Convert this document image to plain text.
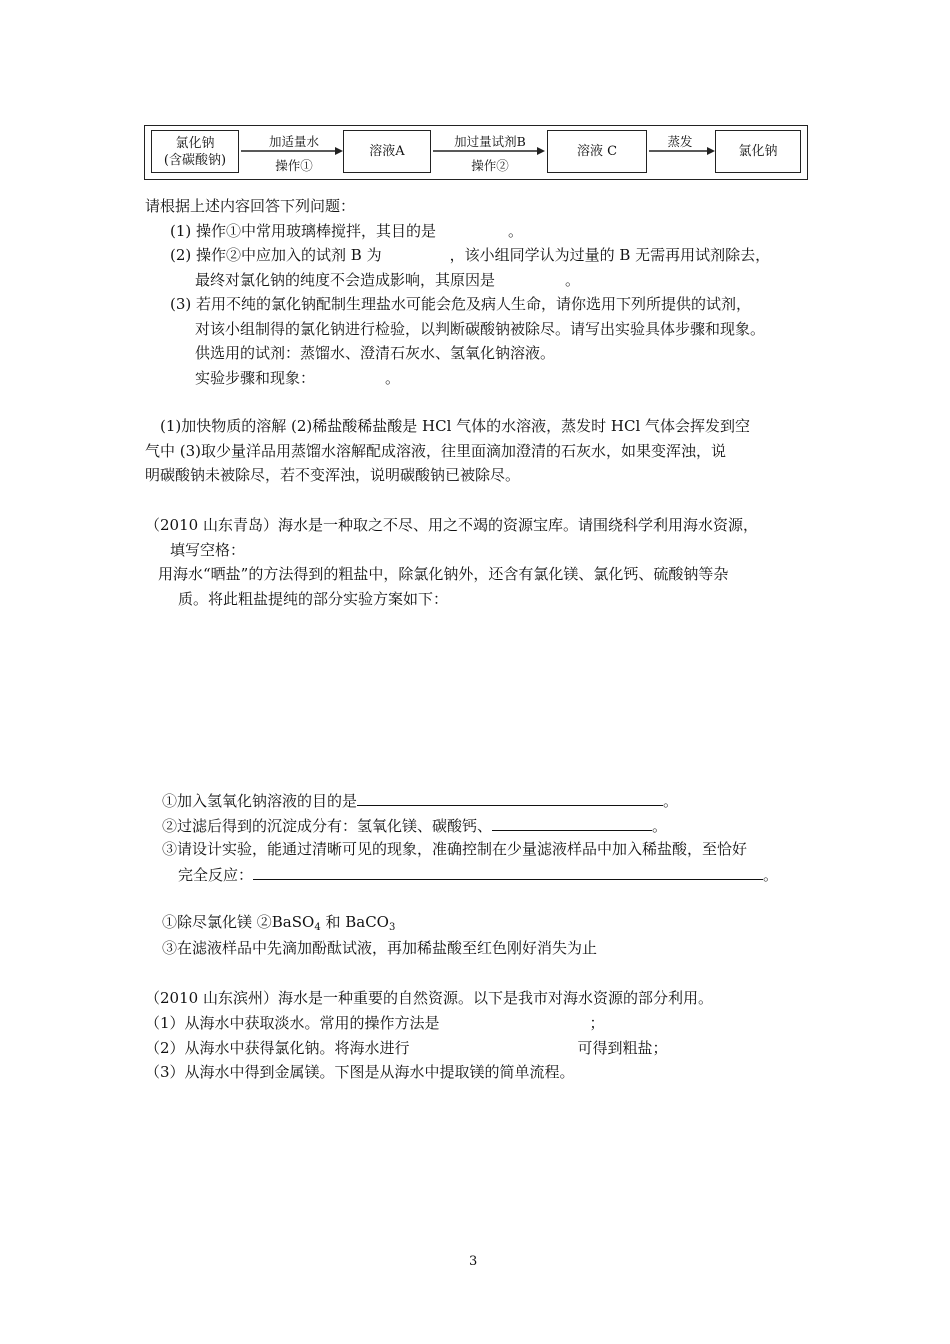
氯化钠
(含碳酸钠)
加适量水
操作①
溶液A
加过量试剂B
操作②
溶液 C
蒸发
氯化钠
请根据上述内容回答下列问题：
(1) 操作①中常用玻璃棒搅拌，其目的是	。
(2) 操作②中应加入的试剂 B 为	，该小组同学认为过量的 B 无需再用试剂除去，
最终对氯化钠的纯度不会造成影响，其原因是	。
(3) 若用不纯的氯化钠配制生理盐水可能会危及病人生命，请你选用下列所提供的试剂，
对该小组制得的氯化钠进行检验，以判断碳酸钠被除尽。请写出实验具体步骤和现象。
供选用的试剂：蒸馏水、澄清石灰水、氢氧化钠溶液。
实验步骤和现象：	。
(1)加快物质的溶解 (2)稀盐酸稀盐酸是 HCl 气体的水溶液，蒸发时 HCl 气体会挥发到空
气中 (3)取少量洋品用蒸馏水溶解配成溶液，往里面滴加澄清的石灰水，如果变浑浊，说
明碳酸钠未被除尽，若不变浑浊，说明碳酸钠已被除尽。
（2010 山东青岛）海水是一种取之不尽、用之不竭的资源宝库。请围绕科学利用海水资源，
填写空格：
用海水“晒盐”的方法得到的粗盐中，除氯化钠外，还含有氯化镁、氯化钙、硫酸钠等杂
质。将此粗盐提纯的部分实验方案如下：
①加入氢氧化钠溶液的目的是	。
②过滤后得到的沉淀成分有：氢氧化镁、碳酸钙、	。
③请设计实验，能通过清晰可见的现象，准确控制在少量滤液样品中加入稀盐酸，至恰好
完全反应：	。
①除尽氯化镁 ②BaSO$_4$ 和 BaCO$_3$
③在滤液样品中先滴加酚酞试液，再加稀盐酸至红色刚好消失为止
（2010 山东滨州）海水是一种重要的自然资源。以下是我市对海水资源的部分利用。
（1）从海水中获取淡水。常用的操作方法是	；
（2）从海水中获得氯化钠。将海水进行	可得到粗盐；
（3）从海水中得到金属镁。下图是从海水中提取镁的简单流程。
3
